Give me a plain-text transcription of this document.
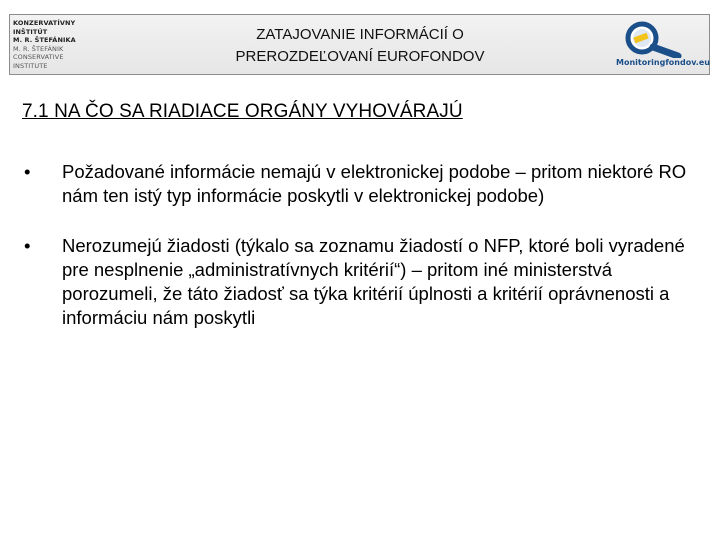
KONZERVATÍVNY
INŠTITÚT
M. R. ŠTEFÁNIKA
M. R. ŠTEFÁNIK
CONSERVATIVE
INSTITUTE
ZATAJOVANIE INFORMÁCIÍ O
PREROZDEĽOVANÍ EUROFONDOV	Monitoringfondov.eu
7.1 NA ČO SA RIADIACE ORGÁNY VYHOVÁRAJÚ
• Požadované informácie nemajú v elektronickej podobe – pritom niektoré RO nám ten istý typ informácie poskytli v elektronickej podobe)
• Nerozumejú žiadosti (týkalo sa zoznamu žiadostí o NFP, ktoré boli vyradené pre nesplnenie „administratívnych kritérií“) – pritom iné ministerstvá porozumeli, že táto žiadosť sa týka kritérií úplnosti a kritérií oprávnenosti a informáciu nám poskytli
